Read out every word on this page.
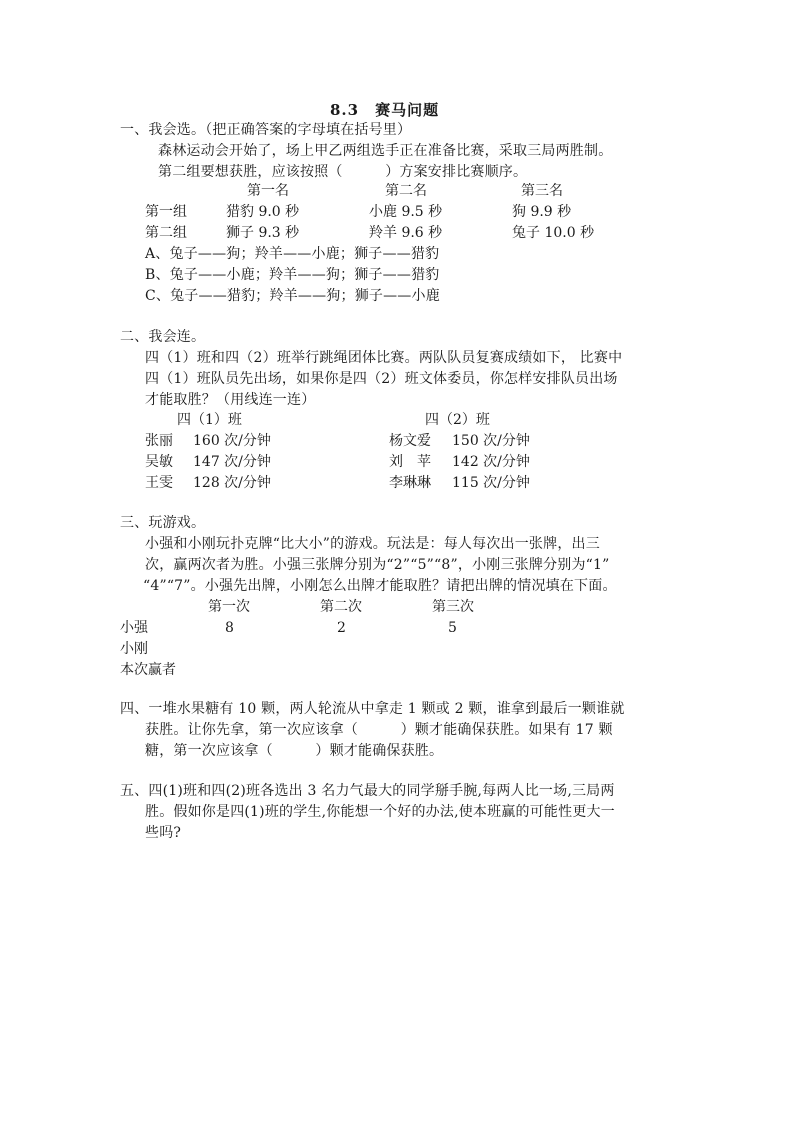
8.3　赛马问题
一、我会选。（把正确答案的字母填在括号里）
森林运动会开始了，场上甲乙两组选手正在准备比赛，采取三局两胜制。
第二组要想获胜，应该按照（　　　）方案安排比赛顺序。
第一名	第二名	第三名
第一组	猎豹 9.0 秒	小鹿 9.5 秒	狗 9.9 秒
第二组	狮子 9.3 秒	羚羊 9.6 秒	兔子 10.0 秒
A、兔子——狗；羚羊——小鹿；狮子——猎豹
B、兔子——小鹿；羚羊——狗；狮子——猎豹
C、兔子——猎豹；羚羊——狗；狮子——小鹿
二、我会连。
四（1）班和四（2）班举行跳绳团体比赛。两队队员复赛成绩如下， 比赛中
四（1）班队员先出场，如果你是四（2）班文体委员，你怎样安排队员出场
才能取胜？（用线连一连）
四（1）班	四（2）班
张丽 160 次/分钟	杨文爱 150 次/分钟
吴敏 147 次/分钟	刘　苹 142 次/分钟
王雯 128 次/分钟	李琳琳 115 次/分钟
三、玩游戏。
小强和小刚玩扑克牌“比大小”的游戏。玩法是：每人每次出一张牌，出三
次，赢两次者为胜。小强三张牌分别为“2”“5”“8”，小刚三张牌分别为“1”
“4”“7”。小强先出牌，小刚怎么出牌才能取胜？请把出牌的情况填在下面。
第一次	第二次	第三次
小强	8	2	5
小刚
本次赢者
四、一堆水果糖有 10 颗，两人轮流从中拿走 1 颗或 2 颗，谁拿到最后一颗谁就
获胜。让你先拿，第一次应该拿（　　　）颗才能确保获胜。如果有 17 颗
糖，第一次应该拿（　　　）颗才能确保获胜。
五、四(1)班和四(2)班各选出 3 名力气最大的同学掰手腕,每两人比一场,三局两
胜。假如你是四(1)班的学生,你能想一个好的办法,使本班赢的可能性更大一
些吗?
